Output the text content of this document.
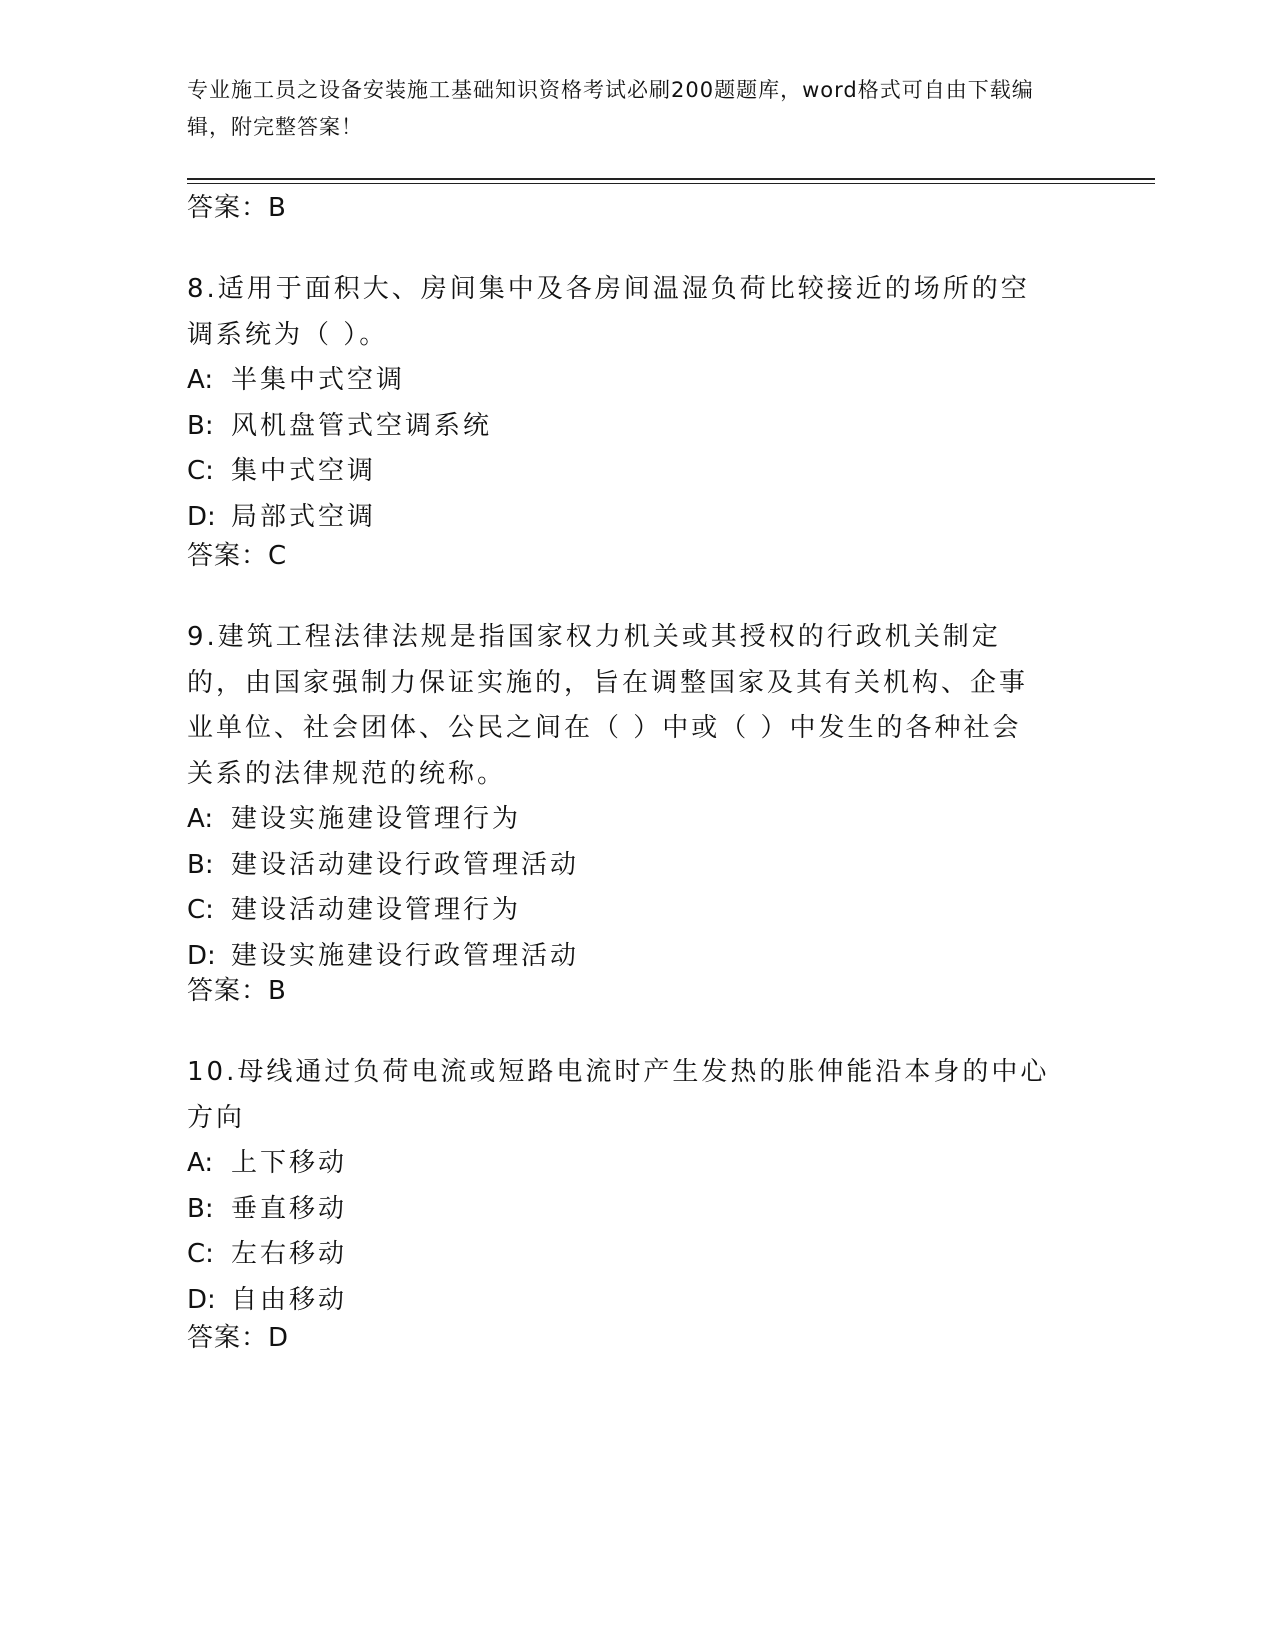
专业施工员之设备安装施工基础知识资格考试必刷200题题库，word格式可自由下载编辑，附完整答案！
答案：B

8.适用于面积大、房间集中及各房间温湿负荷比较接近的场所的空调系统为（ ）。

A: 半集中式空调
B: 风机盘管式空调系统
C: 集中式空调
D: 局部式空调
答案：C

9.建筑工程法律法规是指国家权力机关或其授权的行政机关制定的，由国家强制力保证实施的，旨在调整国家及其有关机构、企事业单位、社会团体、公民之间在（ ）中或（ ）中发生的各种社会关系的法律规范的统称。

A: 建设实施建设管理行为
B: 建设活动建设行政管理活动
C: 建设活动建设管理行为
D: 建设实施建设行政管理活动
答案：B

10.母线通过负荷电流或短路电流时产生发热的胀伸能沿本身的中心方向

A: 上下移动
B: 垂直移动
C: 左右移动
D: 自由移动
答案：D
